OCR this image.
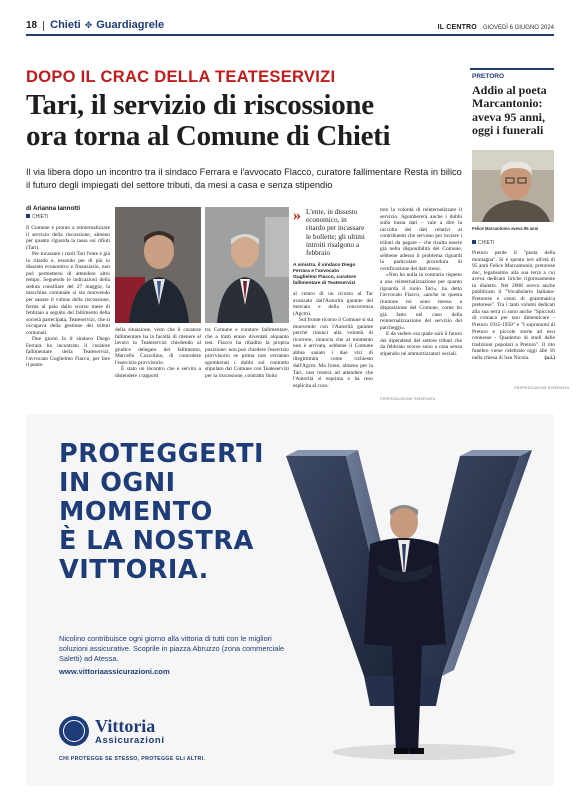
18 Chieti ✥ Guardiagrele	IL CENTRO GIOVEDÌ 6 GIUGNO 2024
DOPO IL CRAC DELLA TEATESERVIZI
Tari, il servizio di riscossione
ora torna al Comune di Chieti

Il via libera dopo un incontro tra il sindaco Ferrara e l'avvocato Flacco, curatore fallimentare Resta in bilico il futuro degli impiegati del settore tributi, da mesi a casa e senza stipendio

di Arianna Iannotti
CHIETI

Il Comune è pronto a reinternalizzare il servizio della riscossione, almeno per quanto riguarda la tassa sui rifiuti (Tari).

Per incassare i ruoli Tari l'ente è già in ritardo e, essendo per di più in dissesto economico e finanziario, non può permettersi di attendere altro tempo. Seguendo le indicazioni della seduta consiliare del 27 maggio, la macchina comunale si sta muovendo per sanare il vulnus della riscossione, ferma al palo dallo scorso mese di febbraio a seguito del fallimento della società partecipata, Teateservizi, che si occupava della gestione dei tributi comunali.

Due giorni fa il sindaco Diego Ferrara ha incontrato il curatore fallimentare della Teateservizi, l'avvocato Guglielmo Flacco, per fare il punto

della situazione, visto che il curatore fallimentare ha la facoltà di ritenere al lavoro la Teateservizi chiedendo al giudice delegato del fallimento, Marcello Cozzolino, di concedere l'esercizio provvisorio.

È stato un incontro che è servito a distendere i rapporti

tra Comune e curatore fallimentare, che a tratti erano diventati alquanto tesi. Flacco ha ribadito la propria posizione: non può chiedere l'esercizio provvisorio se prima non verranno sgomberati i dubbi sul contratto stipulato dal Comune con Teateservizi per la riscossione, contratto finito

» L'ente, in dissesto economico, in ritardo per incassare le bollette; gli ultimi introiti risalgono a febbraio
A sinistra, il sindaco Diego Ferrara e l'avvocato Guglielmo Flacco, curatore fallimentare di Teateservizi

al centro di un ricorso al Tar avanzato dall'Autorità garante del mercato e della concorrenza (Agcm).

Sul fronte ricorso il Comune si sta muovendo con l'Autorità garante perché rinunci alla volontà di ricorrere, rinuncia che al momento non è arrivata, sebbene il Comune abbia sanato i due vizi di illegittimità come richiesto dall'Agcm. Ma l'ente, almeno per la Tari, non resterà ad attendere che l'Autorità si esprima e ha reso esplicita al cura-

tore la volontà di reinternalizzare il servizio. Sgombererà anche i dubbi sulla busta dati – vale a dire la raccolta dei dati relativi ai contribuenti che servono per inviare i tributi da pagare – che risulta essere già nella disponibilità del Comune, sebbene adesso il problema riguardi la particolare procedura di certificazione dei dati stessi.

«Non ho nulla in contrario rispetto a una reinternalizzazione per quanto riguarda il ruolo Tari», ha detto l'avvocato Flacco, «anche in questa riunione mi sono messo a disposizione del Comune, come ho già fatto nel caso della reinternalizzazione del servizio dei parcheggi».

E da vedere ora quale sarà il futuro dei dipendenti del settore tributi che da febbraio scorso sono a casa senza stipendio né ammortizzatori sociali.

©RIPRODUZIONE RISERVATA
PRETORO
Addio al poeta Marcantonio: aveva 95 anni, oggi i funerali
Felice Marcantonio aveva 95 anni
CHIETI
Pretoro perde il "poeta della montagna". Si è spento ieri all'età di 95 anni Felice Marcantonio, pretorese doc, legatissimo alla sua terra a cui aveva dedicato liriche rigorosamente in dialetto. Nel 2008 aveva anche pubblicato il "Vocabolario Italiano-Pretorese e cenni di grammatica pretorese". Tra i tanti volumi dedicati alla sua terra ci sono anche "Spiccioli di cronaca per non dimenticare - Pretoro 1935-1950" e "I sopranomi di Pretoro e piccole storie ad essi connesse - Quaderno di studi delle tradizioni popolari a Pretoro". Il rito funebre viene celebrato oggi alle 16 nella chiesa di San Nicola.	(a.i.)
©RIPRODUZIONE RISERVATA
PROTEGGERTI
IN OGNI
MOMENTO
È LA NOSTRA
VITTORIA.

Nicolino contribuisce ogni giorno alla vittoria di tutti con le migliori soluzioni assicurative. Scoprile in piazza Abruzzo (zona commerciale Saletti) ad Atessa.

www.vittoriaassicurazioni.com
Vittoria
Assicurazioni
CHI PROTEGGE SE STESSO, PROTEGGE GLI ALTRI.
